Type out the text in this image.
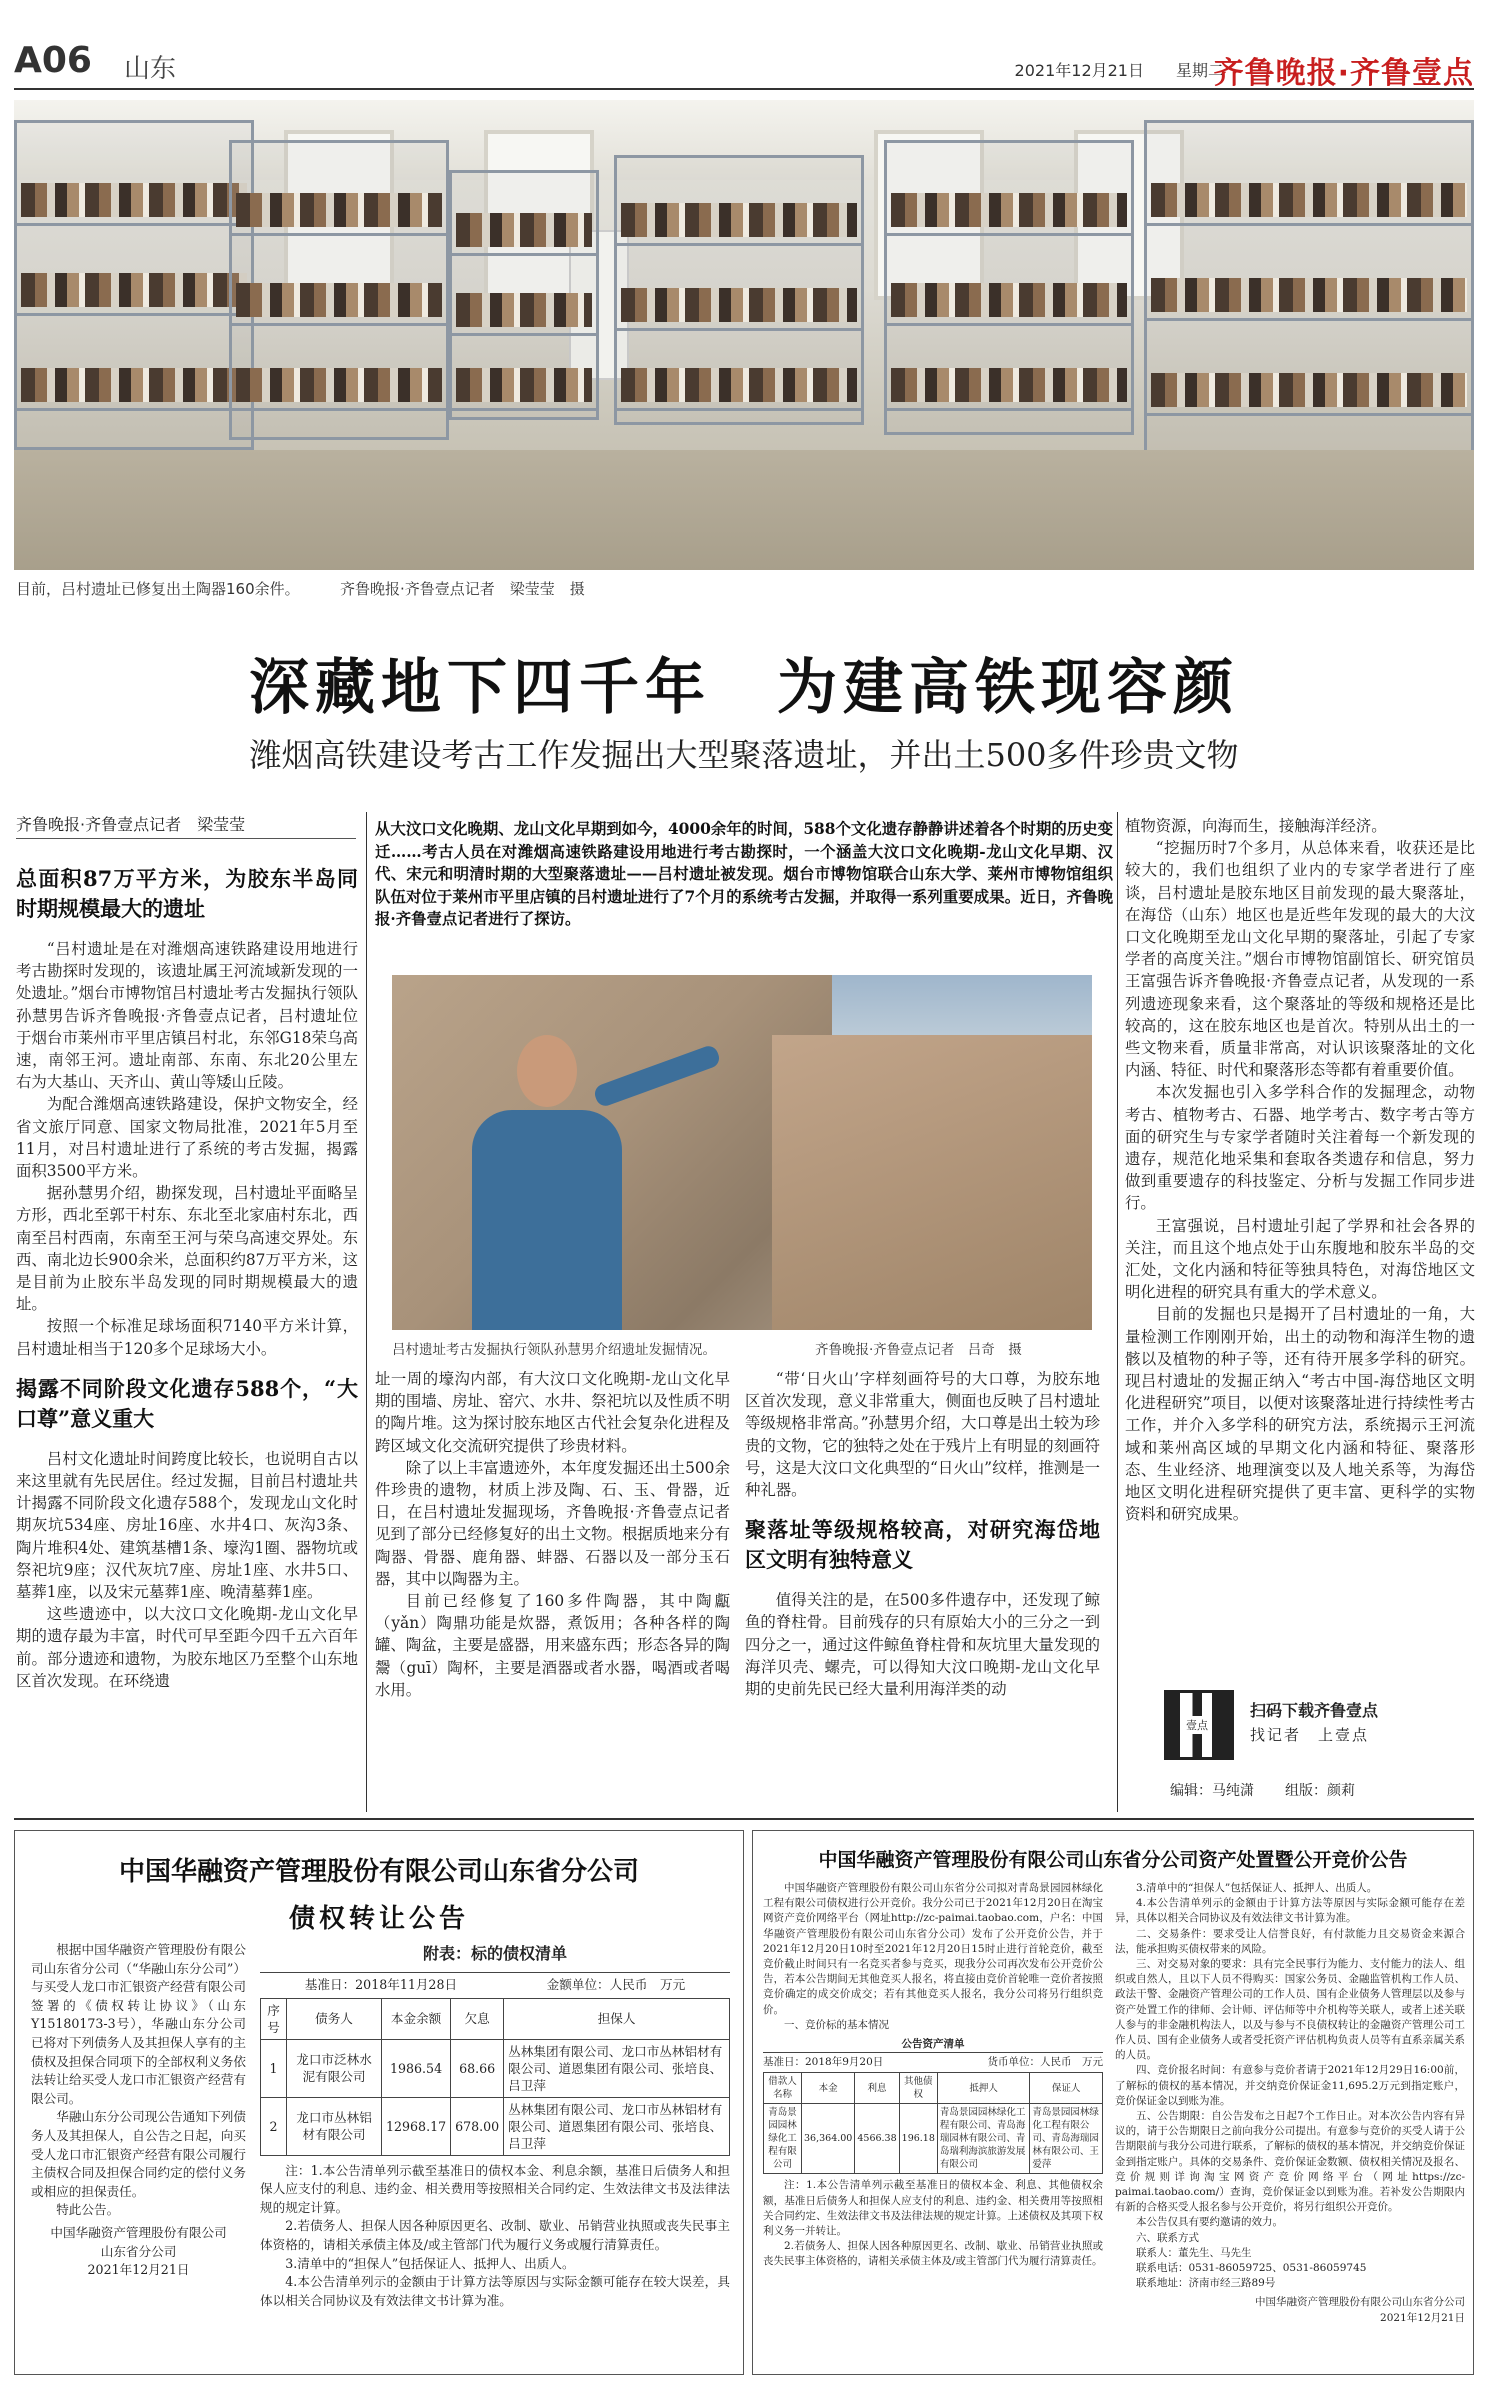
A06 山东	2021年12月21日 星期二
齐鲁晚报·齐鲁壹点
目前，吕村遗址已修复出土陶器160余件。	齐鲁晚报·齐鲁壹点记者　梁莹莹　摄
深藏地下四千年　为建高铁现容颜
潍烟高铁建设考古工作发掘出大型聚落遗址，并出土500多件珍贵文物
齐鲁晚报·齐鲁壹点记者　梁莹莹	从大汶口文化晚期、龙山文化早期到如今，4000余年的时间，588个文化遗存静静讲述着各个时期的历史变迁……考古人员在对潍烟高速铁路建设用地进行考古勘探时，一个涵盖大汶口文化晚期-龙山文化早期、汉代、宋元和明清时期的大型聚落遗址——吕村遗址被发现。烟台市博物馆联合山东大学、莱州市博物馆组织队伍对位于莱州市平里店镇的吕村遗址进行了7个月的系统考古发掘，并取得一系列重要成果。近日，齐鲁晚报·齐鲁壹点记者进行了探访。
总面积87万平方米，为胶东半岛同时期规模最大的遗址

“吕村遗址是在对潍烟高速铁路建设用地进行考古勘探时发现的，该遗址属王河流域新发现的一处遗址。”烟台市博物馆吕村遗址考古发掘执行领队孙慧男告诉齐鲁晚报·齐鲁壹点记者，吕村遗址位于烟台市莱州市平里店镇吕村北，东邻G18荣乌高速，南邻王河。遗址南部、东南、东北20公里左右为大基山、天齐山、黄山等矮山丘陵。

为配合潍烟高速铁路建设，保护文物安全，经省文旅厅同意、国家文物局批准，2021年5月至11月，对吕村遗址进行了系统的考古发掘，揭露面积3500平方米。

据孙慧男介绍，勘探发现，吕村遗址平面略呈方形，西北至郭干村东、东北至北家庙村东北，西南至吕村西南，东南至王河与荣乌高速交界处。东西、南北边长900余米，总面积约87万平方米，这是目前为止胶东半岛发现的同时期规模最大的遗址。

按照一个标准足球场面积7140平方米计算，吕村遗址相当于120多个足球场大小。

揭露不同阶段文化遗存588个，“大口尊”意义重大

吕村文化遗址时间跨度比较长，也说明自古以来这里就有先民居住。经过发掘，目前吕村遗址共计揭露不同阶段文化遗存588个，发现龙山文化时期灰坑534座、房址16座、水井4口、灰沟3条、陶片堆积4处、建筑基槽1条、壕沟1圈、器物坑或祭祀坑9座；汉代灰坑7座、房址1座、水井5口、墓葬1座，以及宋元墓葬1座、晚清墓葬1座。

这些遗迹中，以大汶口文化晚期-龙山文化早期的遗存最为丰富，时代可早至距今四千五六百年前。部分遗迹和遗物，为胶东地区乃至整个山东地区首次发现。在环绕遗

吕村遗址考古发掘执行领队孙慧男介绍遗址发掘情况。	齐鲁晚报·齐鲁壹点记者　吕奇　摄

址一周的壕沟内部，有大汶口文化晚期-龙山文化早期的围墙、房址、窑穴、水井、祭祀坑以及性质不明的陶片堆。这为探讨胶东地区古代社会复杂化进程及跨区域文化交流研究提供了珍贵材料。

除了以上丰富遗迹外，本年度发掘还出土500余件珍贵的遗物，材质上涉及陶、石、玉、骨器，近日，在吕村遗址发掘现场，齐鲁晚报·齐鲁壹点记者见到了部分已经修复好的出土文物。根据质地来分有陶器、骨器、鹿角器、蚌器、石器以及一部分玉石器，其中以陶器为主。

目前已经修复了160多件陶器，其中陶甗（yǎn）陶鼎功能是炊器，煮饭用；各种各样的陶罐、陶盆，主要是盛器，用来盛东西；形态各异的陶鬶（guī）陶杯，主要是酒器或者水器，喝酒或者喝水用。

“带‘日火山’字样刻画符号的大口尊，为胶东地区首次发现，意义非常重大，侧面也反映了吕村遗址等级规格非常高。”孙慧男介绍，大口尊是出土较为珍贵的文物，它的独特之处在于残片上有明显的刻画符号，这是大汶口文化典型的“日火山”纹样，推测是一种礼器。

聚落址等级规格较高，对研究海岱地区文明有独特意义

值得关注的是，在500多件遗存中，还发现了鲸鱼的脊柱骨。目前残存的只有原始大小的三分之一到四分之一，通过这件鲸鱼脊柱骨和灰坑里大量发现的海洋贝壳、螺壳，可以得知大汶口晚期-龙山文化早期的史前先民已经大量利用海洋类的动

植物资源，向海而生，接触海洋经济。

“挖掘历时7个多月，从总体来看，收获还是比较大的，我们也组织了业内的专家学者进行了座谈，吕村遗址是胶东地区目前发现的最大聚落址，在海岱（山东）地区也是近些年发现的最大的大汶口文化晚期至龙山文化早期的聚落址，引起了专家学者的高度关注。”烟台市博物馆副馆长、研究馆员王富强告诉齐鲁晚报·齐鲁壹点记者，从发现的一系列遗迹现象来看，这个聚落址的等级和规格还是比较高的，这在胶东地区也是首次。特别从出土的一些文物来看，质量非常高，对认识该聚落址的文化内涵、特征、时代和聚落形态等都有着重要价值。

本次发掘也引入多学科合作的发掘理念，动物考古、植物考古、石器、地学考古、数字考古等方面的研究生与专家学者随时关注着每一个新发现的遗存，规范化地采集和套取各类遗存和信息，努力做到重要遗存的科技鉴定、分析与发掘工作同步进行。

王富强说，吕村遗址引起了学界和社会各界的关注，而且这个地点处于山东腹地和胶东半岛的交汇处，文化内涵和特征等独具特色，对海岱地区文明化进程的研究具有重大的学术意义。

目前的发掘也只是揭开了吕村遗址的一角，大量检测工作刚刚开始，出土的动物和海洋生物的遗骸以及植物的种子等，还有待开展多学科的研究。现吕村遗址的发掘正纳入“考古中国-海岱地区文明化进程研究”项目，以便对该聚落址进行持续性考古工作，并介入多学科的研究方法，系统揭示王河流域和莱州高区域的早期文化内涵和特征、聚落形态、生业经济、地理演变以及人地关系等，为海岱地区文明化进程研究提供了更丰富、更科学的实物资料和研究成果。

壹点
扫码下载齐鲁壹点
找记者　上壹点
编辑：马纯潇 组版：颜莉
中国华融资产管理股份有限公司山东省分公司
债权转让公告

根据中国华融资产管理股份有限公司山东省分公司（“华融山东分公司”）与买受人龙口市汇银资产经营有限公司签署的《债权转让协议》（山东Y15180173-3号），华融山东分公司已将对下列债务人及其担保人享有的主债权及担保合同项下的全部权利义务依法转让给买受人龙口市汇银资产经营有限公司。

华融山东分公司现公告通知下列债务人及其担保人，自公告之日起，向买受人龙口市汇银资产经营有限公司履行主债权合同及担保合同约定的偿付义务或相应的担保责任。

特此公告。

中国华融资产管理股份有限公司
山东省分公司
2021年12月21日
附表：标的债权清单
基准日：2018年11月28日	金额单位：人民币　万元
序号	债务人	本金余额	欠息	担保人
1	龙口市泛林水泥有限公司	1986.54	68.66	丛林集团有限公司、龙口市丛林铝材有限公司、道恩集团有限公司、张培良、吕卫萍
2	龙口市丛林铝材有限公司	12968.17	678.00	丛林集团有限公司、龙口市丛林铝材有限公司、道恩集团有限公司、张培良、吕卫萍

注：1.本公告清单列示截至基准日的债权本金、利息余额，基准日后债务人和担保人应支付的利息、违约金、相关费用等按照相关合同约定、生效法律文书及法律法规的规定计算。

2.若债务人、担保人因各种原因更名、改制、歇业、吊销营业执照或丧失民事主体资格的，请相关承债主体及/或主管部门代为履行义务或履行清算责任。

3.清单中的“担保人”包括保证人、抵押人、出质人。

4.本公告清单列示的金额由于计算方法等原因与实际金额可能存在较大误差，具体以相关合同协议及有效法律文书计算为准。

中国华融资产管理股份有限公司山东省分公司资产处置暨公开竞价公告

中国华融资产管理股份有限公司山东省分公司拟对青岛景园园林绿化工程有限公司债权进行公开竞价。我分公司已于2021年12月20日在淘宝网资产竞价网络平台（网址http://zc-paimai.taobao.com，户名：中国华融资产管理股份有限公司山东省分公司）发布了公开竞价公告，并于2021年12月20日10时至2021年12月20日15时止进行首轮竞价，截至竞价截止时间只有一名竞买者参与竞买，现我分公司再次发布公开竞价公告，若本公告期间无其他竞买人报名，将直接由竞价首轮唯一竞价者按照竞价确定的成交价成交；若有其他竞买人报名，我分公司将另行组织竞价。

一、竞价标的基本情况

公告资产清单
基准日：2018年9月20日	货币单位：人民币　万元
借款人名称	本金	利息	其他债权	抵押人	保证人
青岛景园园林绿化工程有限公司	36,364.00	4566.38	196.18	青岛景园园林绿化工程有限公司、青岛海瑞园林有限公司、青岛瑞利海滨旅游发展有限公司	青岛景园园林绿化工程有限公司、青岛海瑞园林有限公司、王爱萍

注：1.本公告清单列示截至基准日的债权本金、利息、其他债权余额，基准日后债务人和担保人应支付的利息、违约金、相关费用等按照相关合同约定、生效法律文书及法律法规的规定计算。上述债权及其项下权利义务一并转让。

2.若债务人、担保人因各种原因更名、改制、歇业、吊销营业执照或丧失民事主体资格的，请相关承债主体及/或主管部门代为履行清算责任。

3.清单中的“担保人”包括保证人、抵押人、出质人。

4.本公告清单列示的金额由于计算方法等原因与实际金额可能存在差异，具体以相关合同协议及有效法律文书计算为准。

二、交易条件：要求受让人信誉良好，有付款能力且交易资金来源合法，能承担购买债权带来的风险。

三、对交易对象的要求：具有完全民事行为能力、支付能力的法人、组织或自然人，且以下人员不得购买：国家公务员、金融监管机构工作人员、政法干警、金融资产管理公司的工作人员、国有企业债务人管理层以及参与资产处置工作的律师、会计师、评估师等中介机构等关联人，或者上述关联人参与的非金融机构法人，以及与参与不良债权转让的金融资产管理公司工作人员、国有企业债务人或者受托资产评估机构负责人员等有直系亲属关系的人员。

四、竞价报名时间：有意参与竞价者请于2021年12月29日16:00前，了解标的债权的基本情况，并交纳竞价保证金11,695.2万元到指定账户，竞价保证金以到账为准。

五、公告期限：自公告发布之日起7个工作日止。对本次公告内容有异议的，请于公告期限日之前向我分公司提出。有意参与竞价的买受人请于公告期限前与我分公司进行联系，了解标的债权的基本情况，并交纳竞价保证金到指定账户。具体的交易条件、竞价保证金数额、债权相关情况及报名、竞价规则详询淘宝网资产竞价网络平台（网址https://zc-paimai.taobao.com/）查询，竞价保证金以到账为准。若补发公告期限内有新的合格买受人报名参与公开竞价，将另行组织公开竞价。

本公告仅具有要约邀请的效力。

六、联系方式

联系人：董先生、马先生

联系电话：0531-86059725、0531-86059745

联系地址：济南市经三路89号

中国华融资产管理股份有限公司山东省分公司
2021年12月21日
